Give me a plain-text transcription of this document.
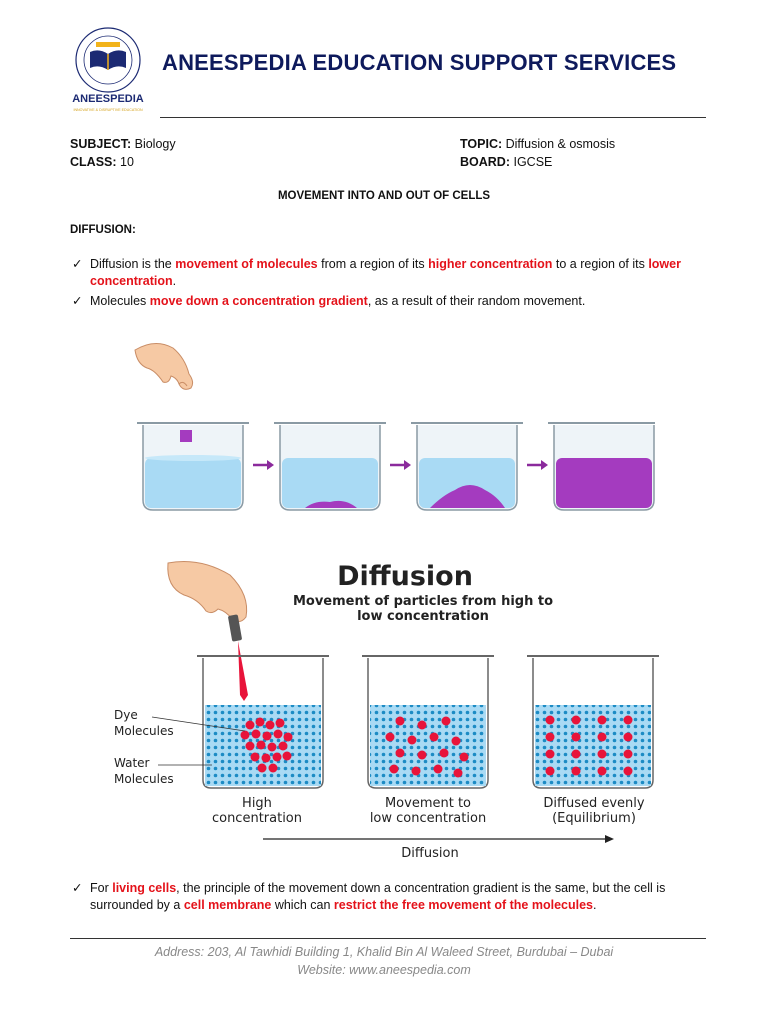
ANEESPEDIA
INNOVATIVE & DISRUPTIVE EDUCATION
ANEESPEDIA EDUCATION SUPPORT SERVICES
SUBJECT: Biology
CLASS: 10
TOPIC: Diffusion & osmosis
BOARD: IGCSE
MOVEMENT INTO AND OUT OF CELLS
DIFFUSION:
✓ Diffusion is the movement of molecules from a region of its higher concentration to a region of its lower concentration.
✓ Molecules move down a concentration gradient, as a result of their random movement.
Diffusion
Movement of particles from high to
low concentration
Dye
Molecules
Water
Molecules
High
concentration
Movement to
low concentration
Diffused evenly
(Equilibrium)
Diffusion
✓ For living cells, the principle of the movement down a concentration gradient is the same, but the cell is surrounded by a cell membrane which can restrict the free movement of the molecules.
Address: 203, Al Tawhidi Building 1, Khalid Bin Al Waleed Street, Burdubai – Dubai
Website: www.aneespedia.com
